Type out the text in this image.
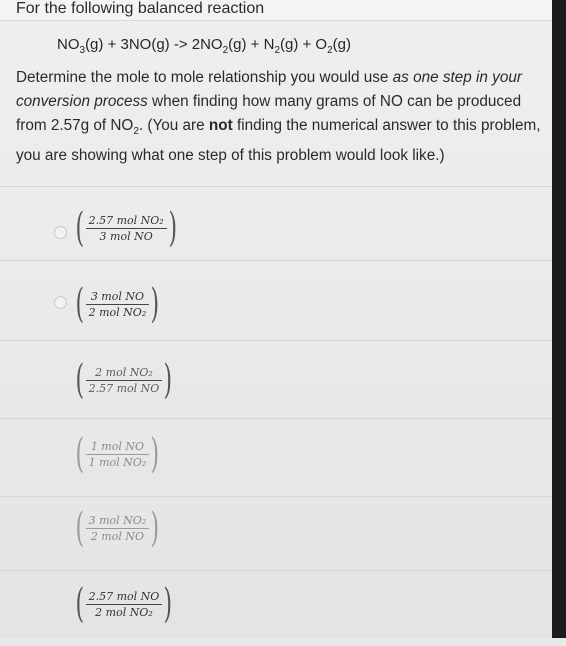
For the following balanced reaction
$NO_3(g) + 3NO(g) -> 2NO_2(g) + N_2(g) + O_2(g)$
Determine the mole to mole relationship you would use as one step in your conversion process when finding how many grams of NO can be produced from 2.57g of $NO_2$. (You are not finding the numerical answer to this problem, you are showing what one step of this problem would look like.)
( $\frac{\text{2.57 mol NO₂}}{\text{3 mol NO}}$ )
( $\frac{\text{3 mol NO}}{\text{2 mol NO₂}}$ )
( $\frac{\text{2 mol NO₂}}{\text{2.57 mol NO}}$ )
( $\frac{\text{1 mol NO}}{\text{1 mol NO₂}}$ )
( $\frac{\text{3 mol NO₂}}{\text{2 mol NO}}$ )
( $\frac{\text{2.57 mol NO}}{\text{2 mol NO₂}}$ )
